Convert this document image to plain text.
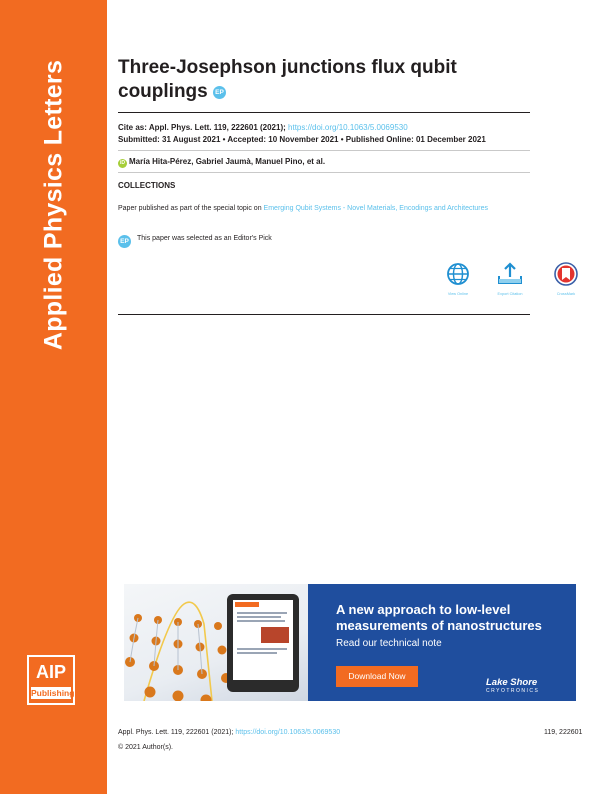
Applied Physics Letters
AIP
Publishing
Three-Josephson junctions flux qubit couplings EP
Cite as: Appl. Phys. Lett. 119, 222601 (2021); https://doi.org/10.1063/5.0069530
Submitted: 31 August 2021 • Accepted: 10 November 2021 • Published Online: 01 December 2021
iD María Hita-Pérez, Gabriel Jaumà, Manuel Pino, et al.
COLLECTIONS
Paper published as part of the special topic on Emerging Qubit Systems - Novel Materials, Encodings and Architectures
EP This paper was selected as an Editor's Pick
View Online	Export Citation	CrossMark
A new approach to low-level
measurements of nanostructures
Read our technical note
Download Now
Lake Shore
CRYOTRONICS
Appl. Phys. Lett. 119, 222601 (2021); https://doi.org/10.1063/5.0069530	119, 222601
© 2021 Author(s).
